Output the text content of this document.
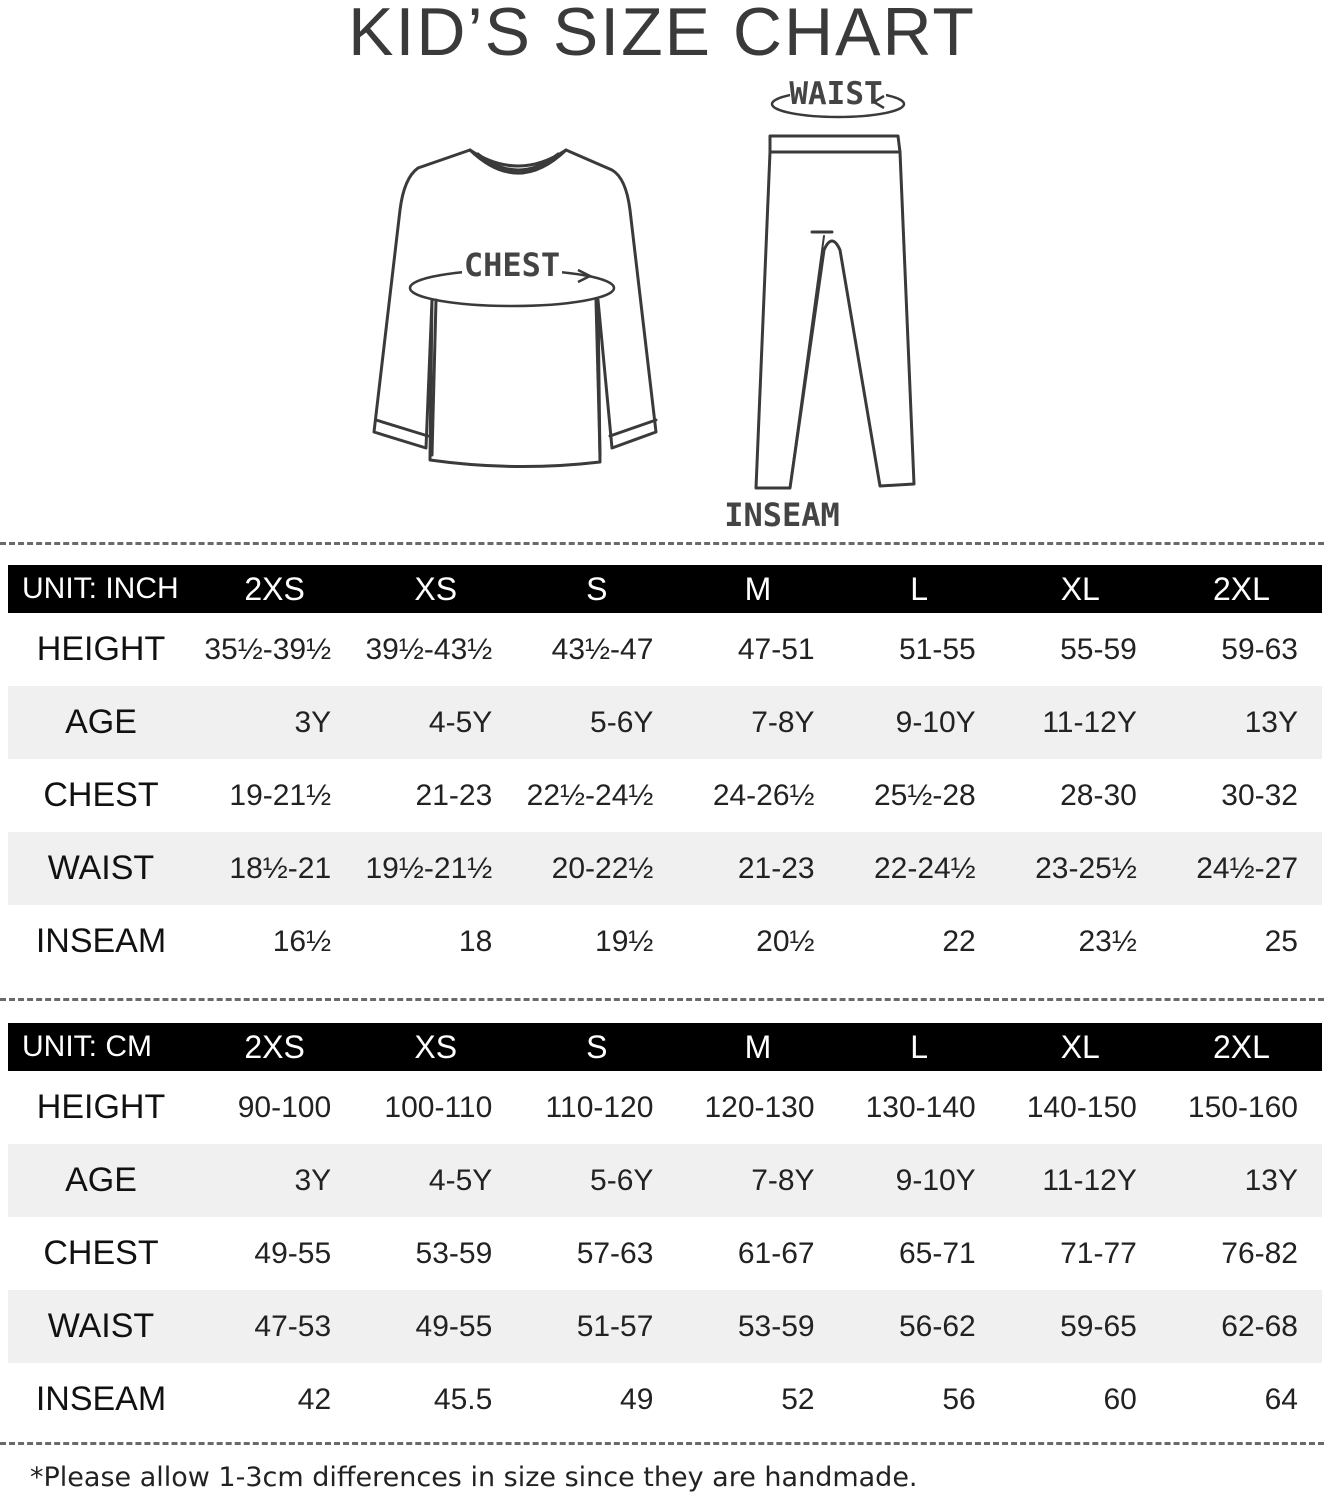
KID’S SIZE CHART
CHEST
WAIST
INSEAM
UNIT: INCH	2XS	XS	S	M	L	XL	2XL
HEIGHT	35½-39½	39½-43½	43½-47	47-51	51-55	55-59	59-63
AGE	3Y	4-5Y	5-6Y	7-8Y	9-10Y	11-12Y	13Y
CHEST	19-21½	21-23	22½-24½	24-26½	25½-28	28-30	30-32
WAIST	18½-21	19½-21½	20-22½	21-23	22-24½	23-25½	24½-27
INSEAM	16½	18	19½	20½	22	23½	25
UNIT: CM	2XS	XS	S	M	L	XL	2XL
HEIGHT	90-100	100-110	110-120	120-130	130-140	140-150	150-160
AGE	3Y	4-5Y	5-6Y	7-8Y	9-10Y	11-12Y	13Y
CHEST	49-55	53-59	57-63	61-67	65-71	71-77	76-82
WAIST	47-53	49-55	51-57	53-59	56-62	59-65	62-68
INSEAM	42	45.5	49	52	56	60	64
*Please allow 1-3cm differences in size since they are handmade.
